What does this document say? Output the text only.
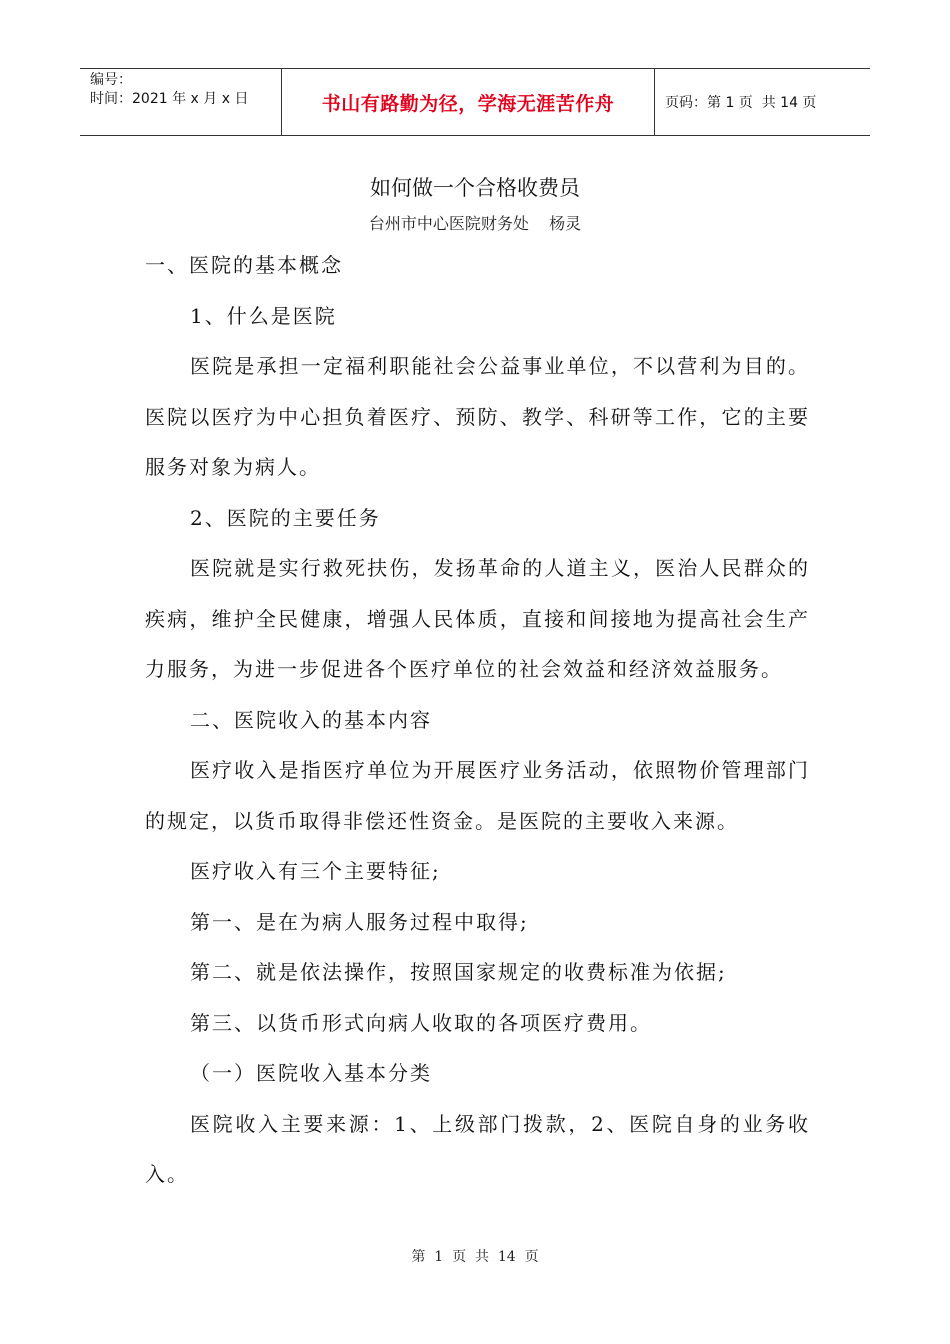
编号：
时间：2021 年 x 月 x 日	书山有路勤为径，学海无涯苦作舟	页码：第 1 页  共 14 页
如何做一个合格收费员
台州市中心医院财务处    杨灵

一、医院的基本概念

1、什么是医院

医院是承担一定福利职能社会公益事业单位，不以营利为目的。医院以医疗为中心担负着医疗、预防、教学、科研等工作，它的主要服务对象为病人。

2、医院的主要任务

医院就是实行救死扶伤，发扬革命的人道主义，医治人民群众的疾病，维护全民健康，增强人民体质，直接和间接地为提高社会生产力服务，为进一步促进各个医疗单位的社会效益和经济效益服务。

二、医院收入的基本内容

医疗收入是指医疗单位为开展医疗业务活动，依照物价管理部门的规定，以货币取得非偿还性资金。是医院的主要收入来源。

医疗收入有三个主要特征;

第一、是在为病人服务过程中取得;

第二、就是依法操作，按照国家规定的收费标准为依据;

第三、以货币形式向病人收取的各项医疗费用。

（一）医院收入基本分类

医院收入主要来源：1、上级部门拨款，2、医院自身的业务收入。

第  1  页  共  14  页
